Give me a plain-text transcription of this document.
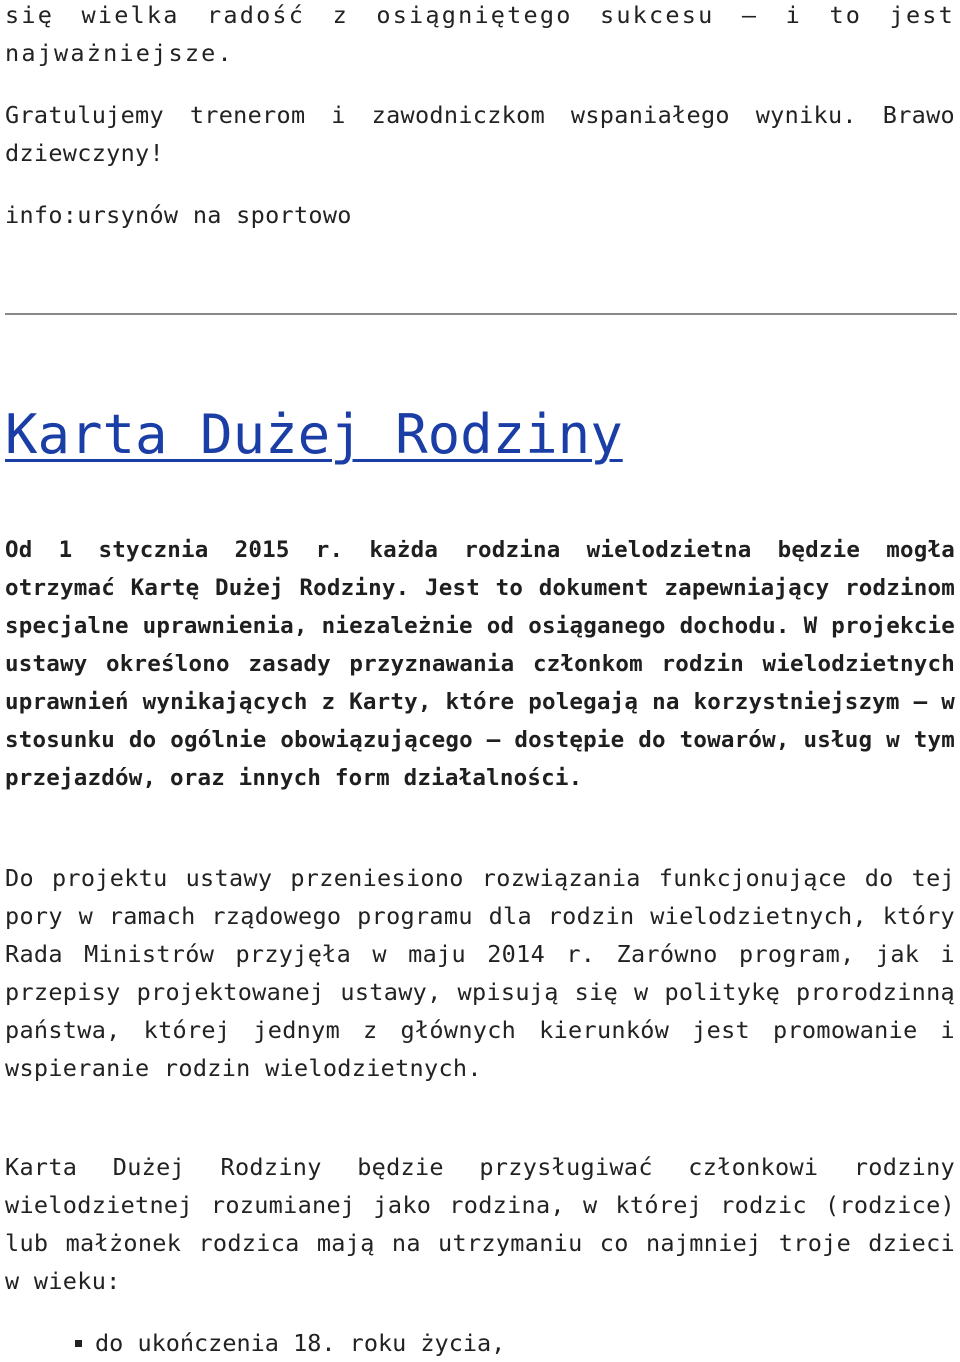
się wielka radość z osiągniętego sukcesu – i to jest najważniejsze.

Gratulujemy trenerom i zawodniczkom wspaniałego wyniku. Brawo dziewczyny!

info:ursynów na sportowo

Karta Dużej Rodziny

Od 1 stycznia 2015 r. każda rodzina wielodzietna będzie mogła otrzymać Kartę Dużej Rodziny. Jest to dokument zapewniający rodzinom specjalne uprawnienia, niezależnie od osiąganego dochodu. W projekcie ustawy określono zasady przyznawania członkom rodzin wielodzietnych uprawnień wynikających z Karty, które polegają na korzystniejszym – w stosunku do ogólnie obowiązującego – dostępie do towarów, usług w tym przejazdów, oraz innych form działalności.

Do projektu ustawy przeniesiono rozwiązania funkcjonujące do tej pory w ramach rządowego programu dla rodzin wielodzietnych, który Rada Ministrów przyjęła w maju 2014 r. Zarówno program, jak i przepisy projektowanej ustawy, wpisują się w politykę prorodzinną państwa, której jednym z głównych kierunków jest promowanie i wspieranie rodzin wielodzietnych.

Karta Dużej Rodziny będzie przysługiwać członkowi rodziny wielodzietnej rozumianej jako rodzina, w której rodzic (rodzice) lub małżonek rodzica mają na utrzymaniu co najmniej troje dzieci w wieku:

do ukończenia 18. roku życia,
